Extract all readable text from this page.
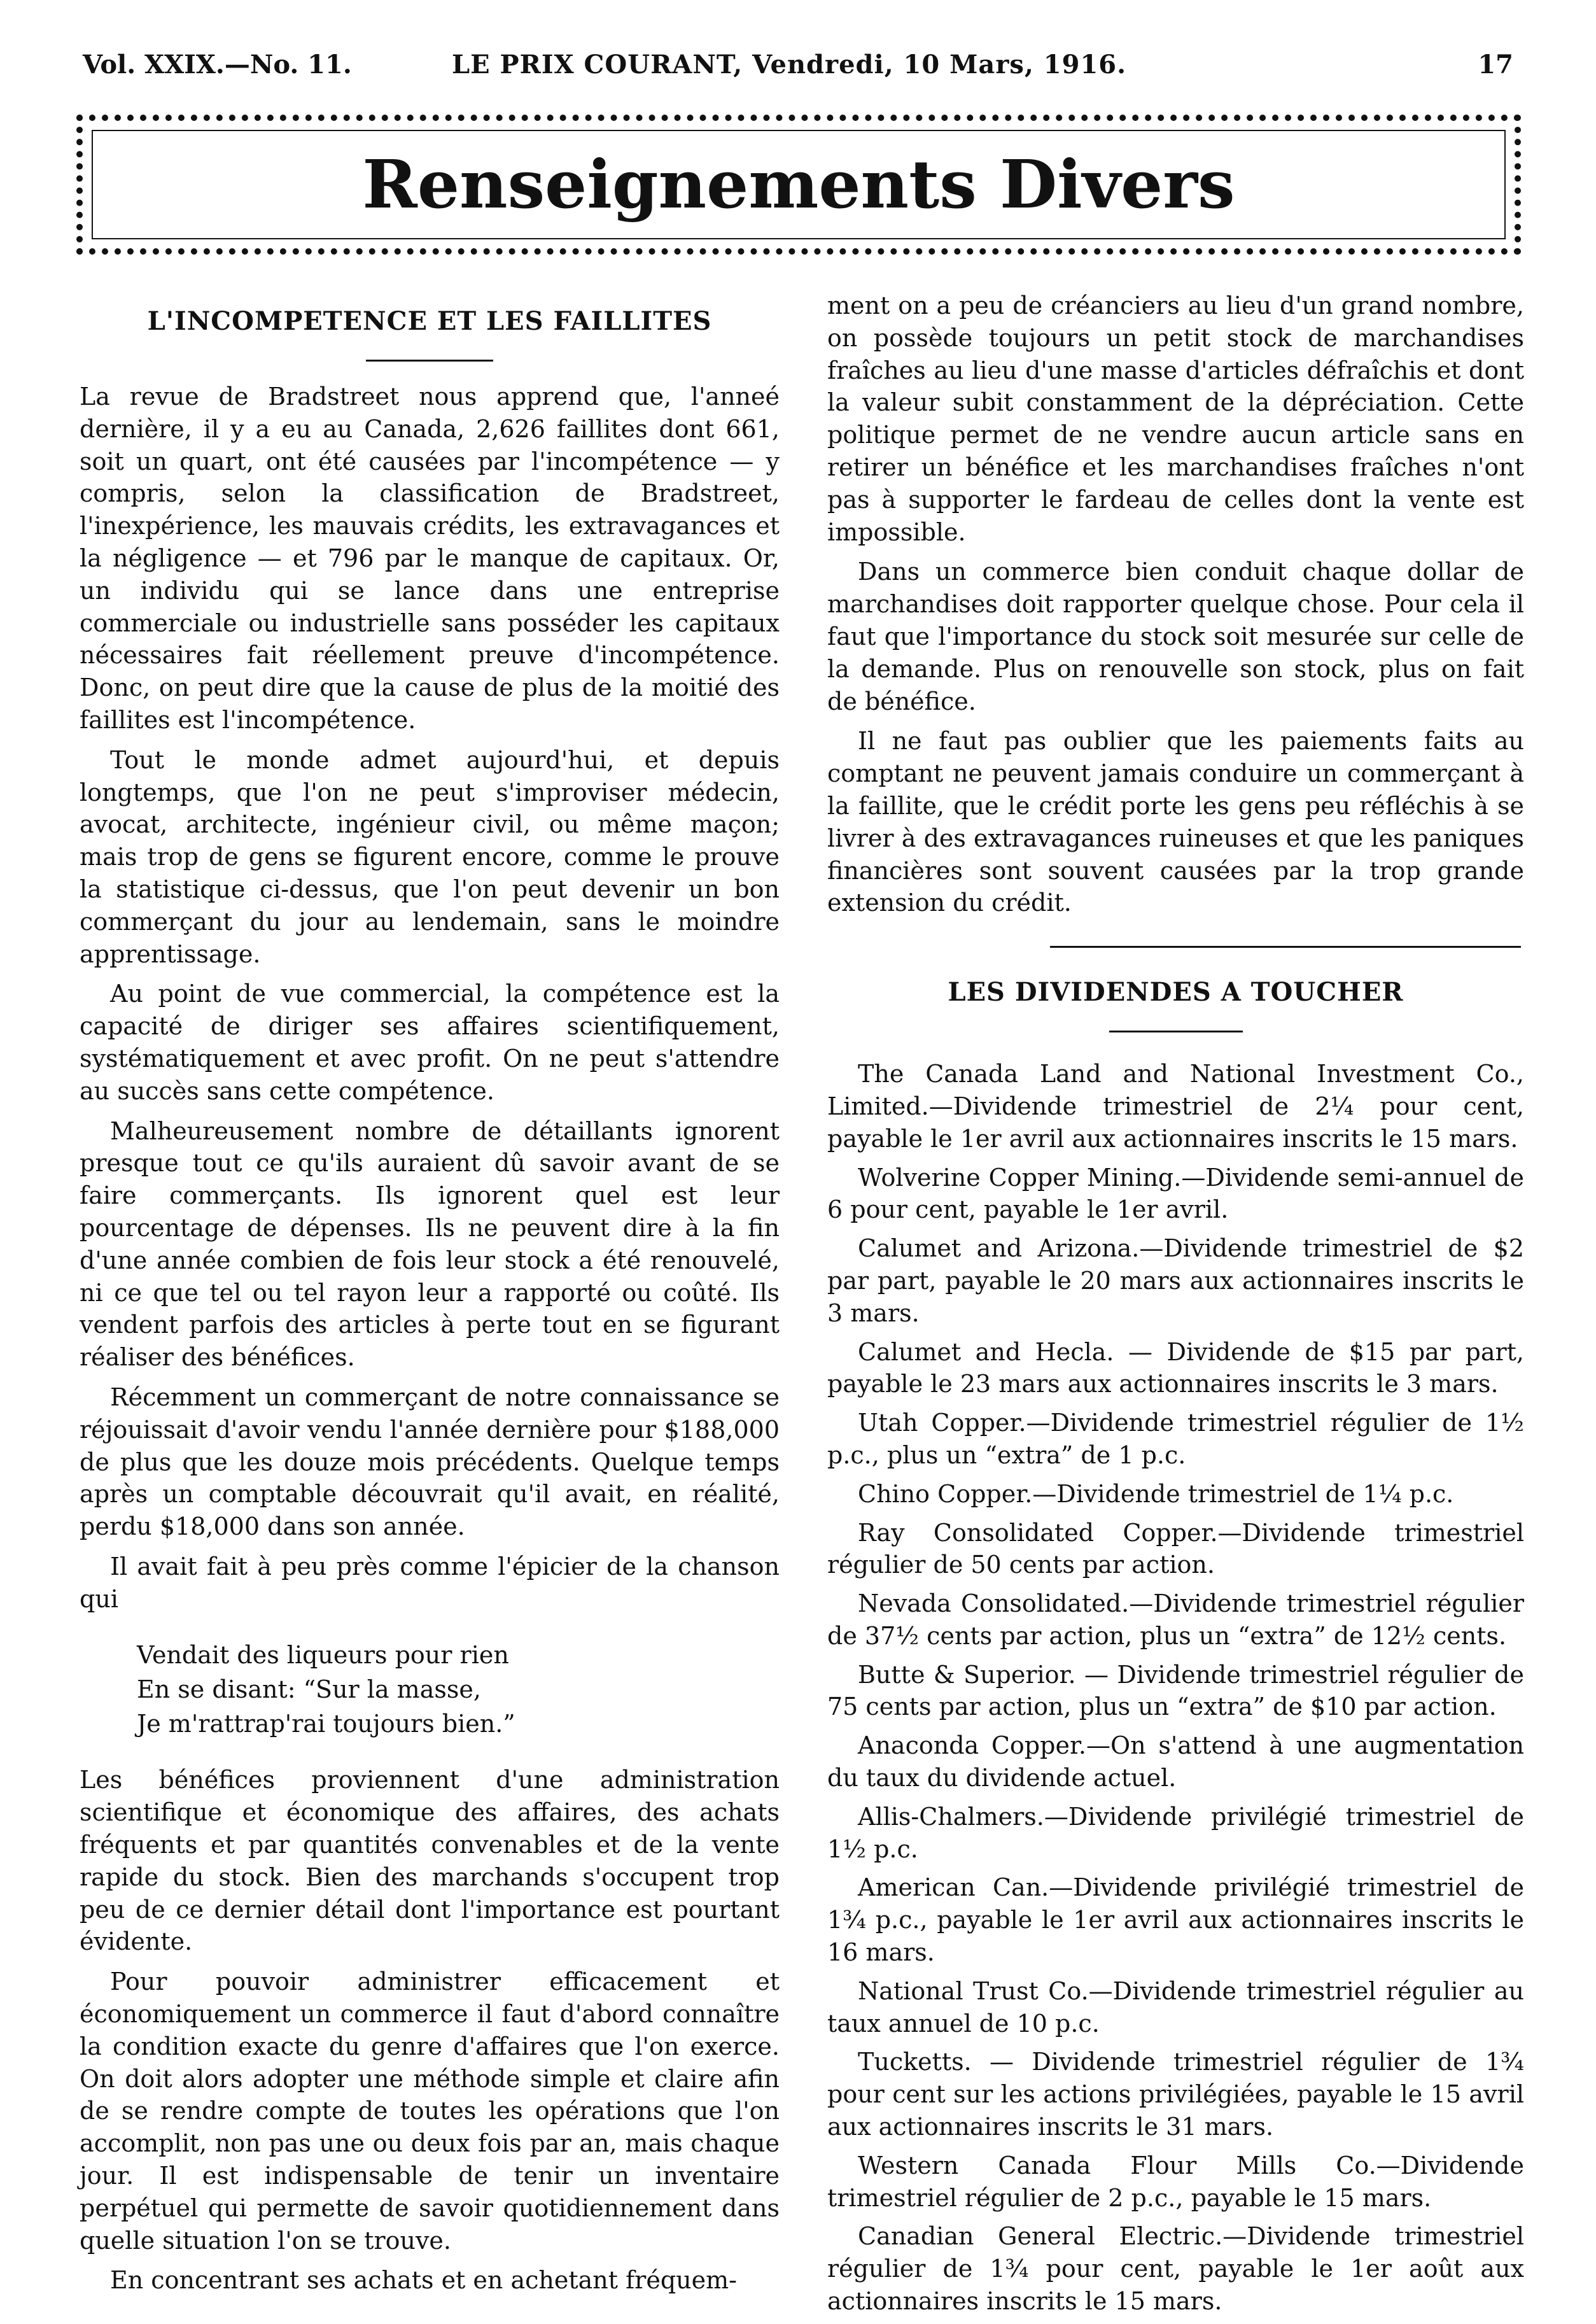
Vol. XXIX.—No. 11.	LE PRIX COURANT, Vendredi, 10 Mars, 1916.	17
Renseignements Divers
L'INCOMPETENCE ET LES FAILLITES

La revue de Bradstreet nous apprend que, l'anneé dernière, il y a eu au Canada, 2,626 faillites dont 661, soit un quart, ont été causées par l'incompétence — y compris, selon la classification de Bradstreet, l'inexpérience, les mauvais crédits, les extravagances et la négligence — et 796 par le manque de capitaux. Or, un individu qui se lance dans une entreprise commerciale ou industrielle sans posséder les capitaux nécessaires fait réellement preuve d'incompétence. Donc, on peut dire que la cause de plus de la moitié des faillites est l'incompétence.

Tout le monde admet aujourd'hui, et depuis longtemps, que l'on ne peut s'improviser médecin, avocat, architecte, ingénieur civil, ou même maçon; mais trop de gens se figurent encore, comme le prouve la statistique ci-dessus, que l'on peut devenir un bon commerçant du jour au lendemain, sans le moindre apprentissage.

Au point de vue commercial, la compétence est la capacité de diriger ses affaires scientifiquement, systématiquement et avec profit. On ne peut s'attendre au succès sans cette compétence.

Malheureusement nombre de détaillants ignorent presque tout ce qu'ils auraient dû savoir avant de se faire commerçants. Ils ignorent quel est leur pourcentage de dépenses. Ils ne peuvent dire à la fin d'une année combien de fois leur stock a été renouvelé, ni ce que tel ou tel rayon leur a rapporté ou coûté. Ils vendent parfois des articles à perte tout en se figurant réaliser des bénéfices.

Récemment un commerçant de notre connaissance se réjouissait d'avoir vendu l'année dernière pour $188,000 de plus que les douze mois précédents. Quelque temps après un comptable découvrait qu'il avait, en réalité, perdu $18,000 dans son année.

Il avait fait à peu près comme l'épicier de la chanson qui

Vendait des liqueurs pour rien
En se disant: “Sur la masse,
Je m'rattrap'rai toujours bien.”

Les bénéfices proviennent d'une administration scientifique et économique des affaires, des achats fréquents et par quantités convenables et de la vente rapide du stock. Bien des marchands s'occupent trop peu de ce dernier détail dont l'importance est pourtant évidente.

Pour pouvoir administrer efficacement et économiquement un commerce il faut d'abord connaître la condition exacte du genre d'affaires que l'on exerce. On doit alors adopter une méthode simple et claire afin de se rendre compte de toutes les opérations que l'on accomplit, non pas une ou deux fois par an, mais chaque jour. Il est indispensable de tenir un inventaire perpétuel qui permette de savoir quotidiennement dans quelle situation l'on se trouve.

En concentrant ses achats et en achetant fréquem-

ment on a peu de créanciers au lieu d'un grand nombre, on possède toujours un petit stock de marchandises fraîches au lieu d'une masse d'articles défraîchis et dont la valeur subit constamment de la dépréciation. Cette politique permet de ne vendre aucun article sans en retirer un bénéfice et les marchandises fraîches n'ont pas à supporter le fardeau de celles dont la vente est impossible.

Dans un commerce bien conduit chaque dollar de marchandises doit rapporter quelque chose. Pour cela il faut que l'importance du stock soit mesurée sur celle de la demande. Plus on renouvelle son stock, plus on fait de bénéfice.

Il ne faut pas oublier que les paiements faits au comptant ne peuvent jamais conduire un commerçant à la faillite, que le crédit porte les gens peu réfléchis à se livrer à des extravagances ruineuses et que les paniques financières sont souvent causées par la trop grande extension du crédit.

LES DIVIDENDES A TOUCHER

The Canada Land and National Investment Co., Limited.—Dividende trimestriel de 2¼ pour cent, payable le 1er avril aux actionnaires inscrits le 15 mars.

Wolverine Copper Mining.—Dividende semi-annuel de 6 pour cent, payable le 1er avril.

Calumet and Arizona.—Dividende trimestriel de $2 par part, payable le 20 mars aux actionnaires inscrits le 3 mars.

Calumet and Hecla. — Dividende de $15 par part, payable le 23 mars aux actionnaires inscrits le 3 mars.

Utah Copper.—Dividende trimestriel régulier de 1½ p.c., plus un “extra” de 1 p.c.

Chino Copper.—Dividende trimestriel de 1¼ p.c.

Ray Consolidated Copper.—Dividende trimestriel régulier de 50 cents par action.

Nevada Consolidated.—Dividende trimestriel régulier de 37½ cents par action, plus un “extra” de 12½ cents.

Butte & Superior. — Dividende trimestriel régulier de 75 cents par action, plus un “extra” de $10 par action.

Anaconda Copper.—On s'attend à une augmentation du taux du dividende actuel.

Allis-Chalmers.—Dividende privilégié trimestriel de 1½ p.c.

American Can.—Dividende privilégié trimestriel de 1¾ p.c., payable le 1er avril aux actionnaires inscrits le 16 mars.

National Trust Co.—Dividende trimestriel régulier au taux annuel de 10 p.c.

Tucketts. — Dividende trimestriel régulier de 1¾ pour cent sur les actions privilégiées, payable le 15 avril aux actionnaires inscrits le 31 mars.

Western Canada Flour Mills Co.—Dividende trimestriel régulier de 2 p.c., payable le 15 mars.

Canadian General Electric.—Dividende trimestriel régulier de 1¾ pour cent, payable le 1er août aux actionnaires inscrits le 15 mars.
